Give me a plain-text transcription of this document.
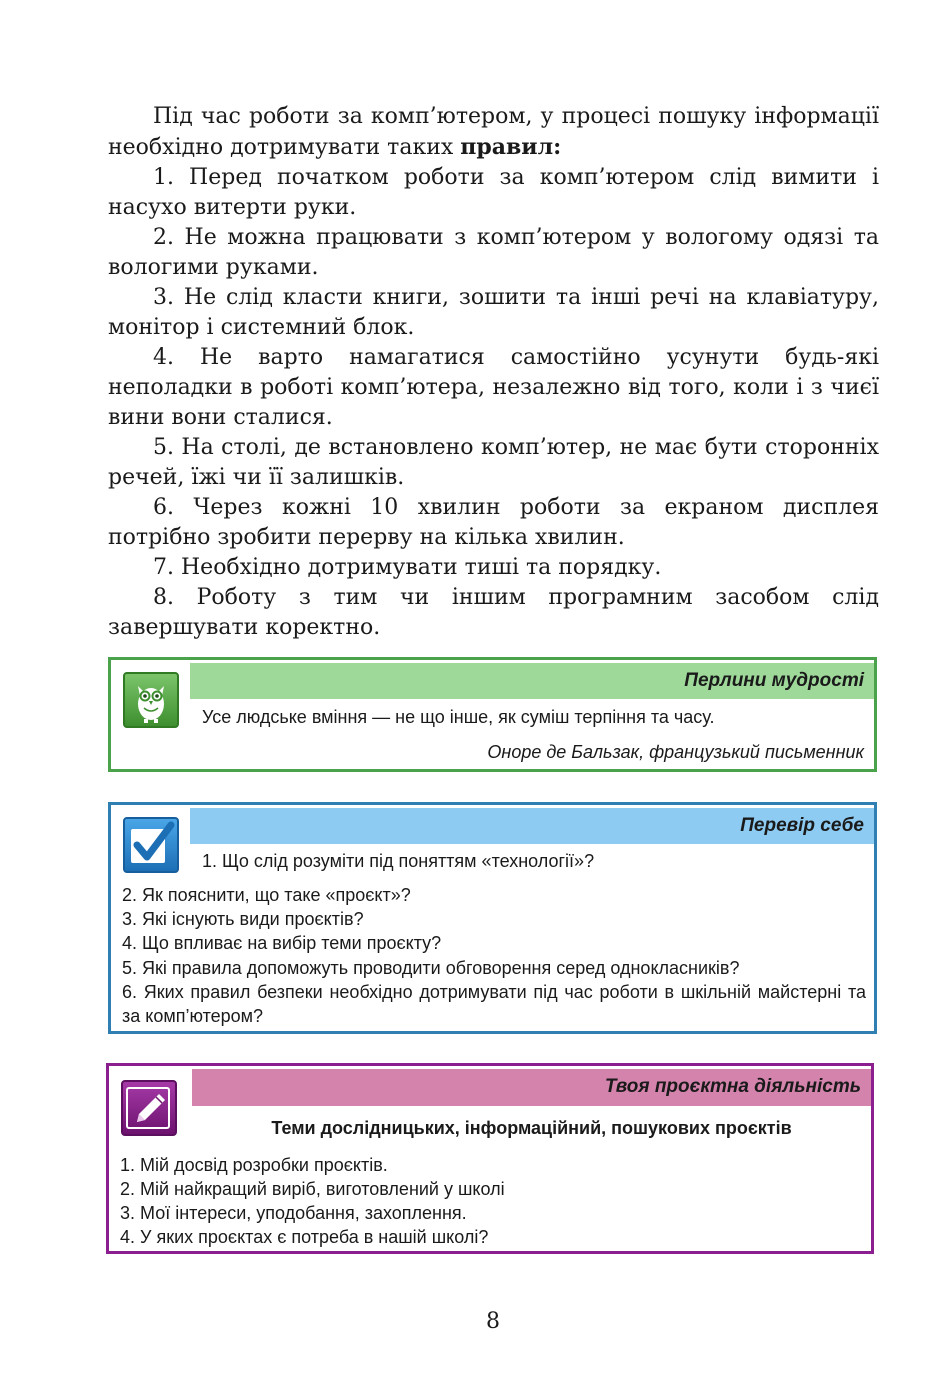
Під час роботи за комп’ютером, у процесі пошуку інформації необхідно дотримувати таких правил:

1. Перед початком роботи за комп’ютером слід вимити і насухо витерти руки.

2. Не можна працювати з комп’ютером у вологому одязі та вологими руками.

3. Не слід класти книги, зошити та інші речі на клавіатуру, монітор і системний блок.

4. Не варто намагатися самостійно усунути будь-які неполадки в роботі комп’ютера, незалежно від того, коли і з чиєї вини вони сталися.

5. На столі, де встановлено комп’ютер, не має бути сторонніх речей, їжі чи її залишків.

6. Через кожні 10 хвилин роботи за екраном дисплея потрібно зробити перерву на кілька хвилин.

7. Необхідно дотримувати тиші та порядку.

8. Роботу з тим чи іншим програмним засобом слід завершувати коректно.

Перлини мудрості
Усе людське вміння — не що інше, як суміш терпіння та часу.
Оноре де Бальзак, французький письменник
Перевір себе
1. Що слід розуміти під поняттям «технології»?
2. Як пояснити, що таке «проєкт»?
3. Які існують види проєктів?
4. Що впливає на вибір теми проєкту?
5. Які правила допоможуть проводити обговорення серед однокласників?
6. Яких правил безпеки необхідно дотримувати під час роботи в шкільній майстерні та за комп’ютером?
Твоя проєктна діяльність
Теми дослідницьких, інформаційний, пошукових проєктів
1. Мій досвід розробки проєктів.
2. Мій найкращий виріб, виготовлений у школі
3. Мої інтереси, уподобання, захоплення.
4. У яких проєктах є потреба в нашій школі?
8
